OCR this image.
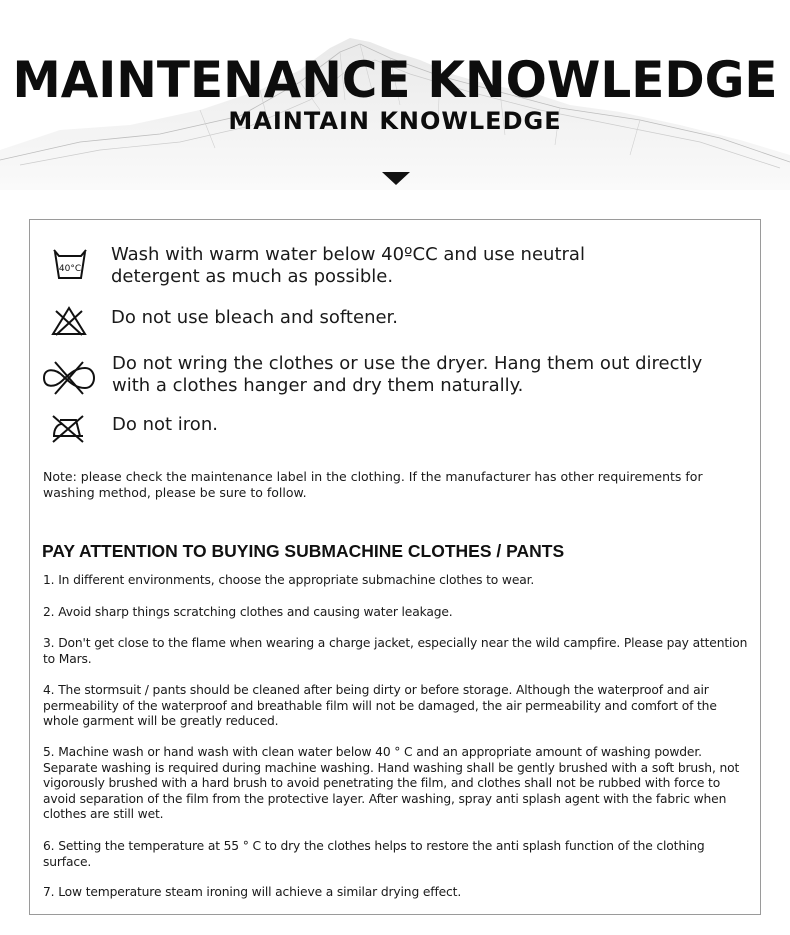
MAINTENANCE KNOWLEDGE
MAINTAIN KNOWLEDGE
40°C
Wash with warm water below 40ºCC and use neutral detergent as much as possible.
Do not use bleach and softener.
Do not wring the clothes or use the dryer. Hang them out directly with a clothes hanger and dry them naturally.
Do not iron.
Note: please check the maintenance label in the clothing. If the manufacturer has other requirements for washing method, please be sure to follow.
PAY ATTENTION TO BUYING SUBMACHINE CLOTHES / PANTS
1. In different environments, choose the appropriate submachine clothes to wear.
2. Avoid sharp things scratching clothes and causing water leakage.
3. Don't get close to the flame when wearing a charge jacket, especially near the wild campfire. Please pay attention to Mars.
4. The stormsuit / pants should be cleaned after being dirty or before storage. Although the waterproof and air permeability of the waterproof and breathable film will not be damaged, the air permeability and comfort of the whole garment will be greatly reduced.
5. Machine wash or hand wash with clean water below 40 ° C and an appropriate amount of washing powder. Separate washing is required during machine washing. Hand washing shall be gently brushed with a soft brush, not vigorously brushed with a hard brush to avoid penetrating the film, and clothes shall not be rubbed with force to avoid separation of the film from the protective layer. After washing, spray anti splash agent with the fabric when clothes are still wet.
6. Setting the temperature at 55 ° C to dry the clothes helps to restore the anti splash function of the clothing surface.
7. Low temperature steam ironing will achieve a similar drying effect.
